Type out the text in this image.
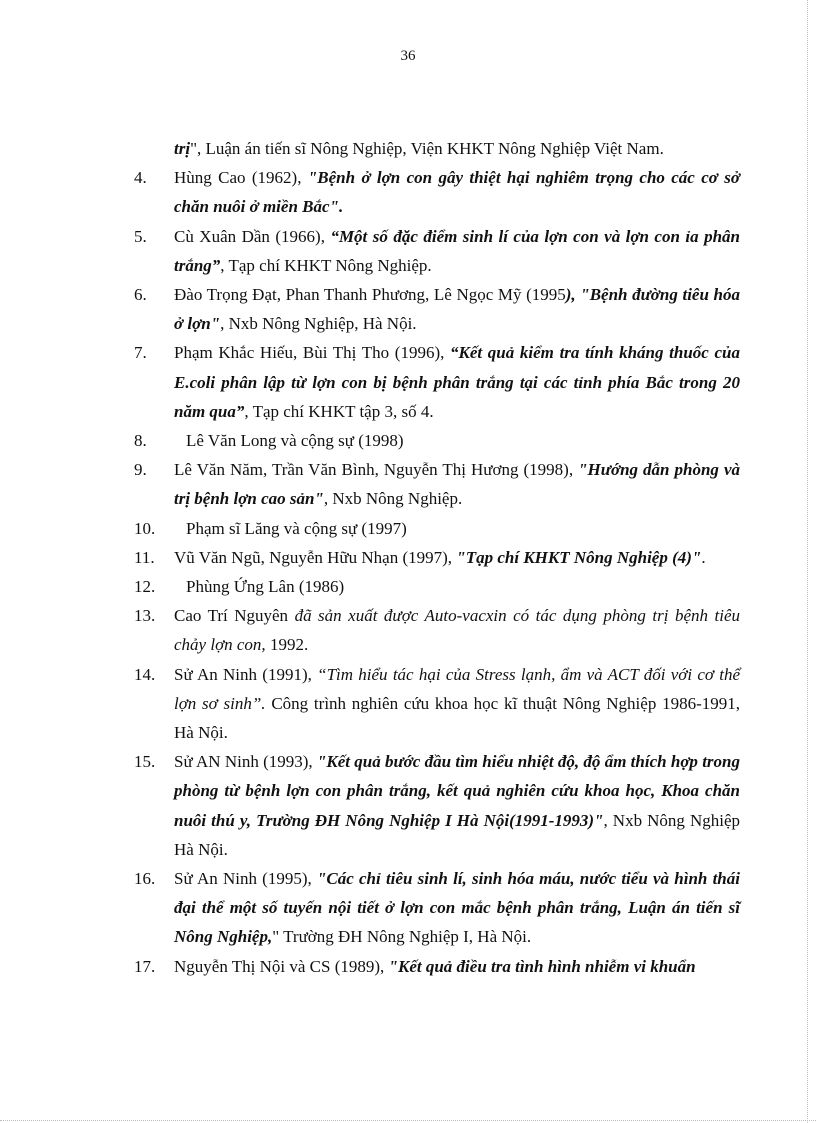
36

trị", Luận án tiến sĩ Nông Nghiệp, Viện KHKT Nông Nghiệp Việt Nam.

4. Hùng Cao (1962), "Bệnh ở lợn con gây thiệt hại nghiêm trọng cho các cơ sở chăn nuôi ở miền Bắc".

5. Cù Xuân Dần (1966), “Một số đặc điểm sinh lí của lợn con và lợn con ỉa phân trắng”, Tạp chí KHKT Nông Nghiệp.

6. Đào Trọng Đạt, Phan Thanh Phương, Lê Ngọc Mỹ (1995), "Bệnh đường tiêu hóa ở lợn", Nxb Nông Nghiệp, Hà Nội.

7. Phạm Khắc Hiếu, Bùi Thị Tho (1996), “Kết quả kiểm tra tính kháng thuốc của E.coli phân lập từ lợn con bị bệnh phân trắng tại các tỉnh phía Bắc trong 20 năm qua”, Tạp chí KHKT tập 3, số 4.

8. Lê Văn Long và cộng sự (1998)

9. Lê Văn Năm, Trần Văn Bình, Nguyễn Thị Hương (1998), "Hướng dẫn phòng và trị bệnh lợn cao sản", Nxb Nông Nghiệp.

10. Phạm sĩ Lăng và cộng sự (1997)

11. Vũ Văn Ngũ, Nguyễn Hữu Nhạn (1997), "Tạp chí KHKT Nông Nghiệp (4)".

12. Phùng Ứng Lân (1986)

13. Cao Trí Nguyên đã sản xuất được Auto-vacxin có tác dụng phòng trị bệnh tiêu chảy lợn con, 1992.

14. Sử An Ninh (1991), “Tìm hiểu tác hại của Stress lạnh, ẩm và ACT đối với cơ thể lợn sơ sinh”. Công trình nghiên cứu khoa học kĩ thuật Nông Nghiệp 1986-1991, Hà Nội.

15. Sử AN Ninh (1993), "Kết quả bước đầu tìm hiểu nhiệt độ, độ ẩm thích hợp trong phòng từ bệnh lợn con phân trắng, kết quả nghiên cứu khoa học, Khoa chăn nuôi thú y, Trường ĐH Nông Nghiệp I Hà Nội(1991-1993)", Nxb Nông Nghiệp Hà Nội.

16. Sử An Ninh (1995), "Các chỉ tiêu sinh lí, sinh hóa máu, nước tiểu và hình thái đại thể một số tuyến nội tiết ở lợn con mắc bệnh phân trắng, Luận án tiến sĩ Nông Nghiệp," Trường ĐH Nông Nghiệp I, Hà Nội.

17. Nguyễn Thị Nội và CS (1989), "Kết quả điều tra tình hình nhiễm vi khuẩn
